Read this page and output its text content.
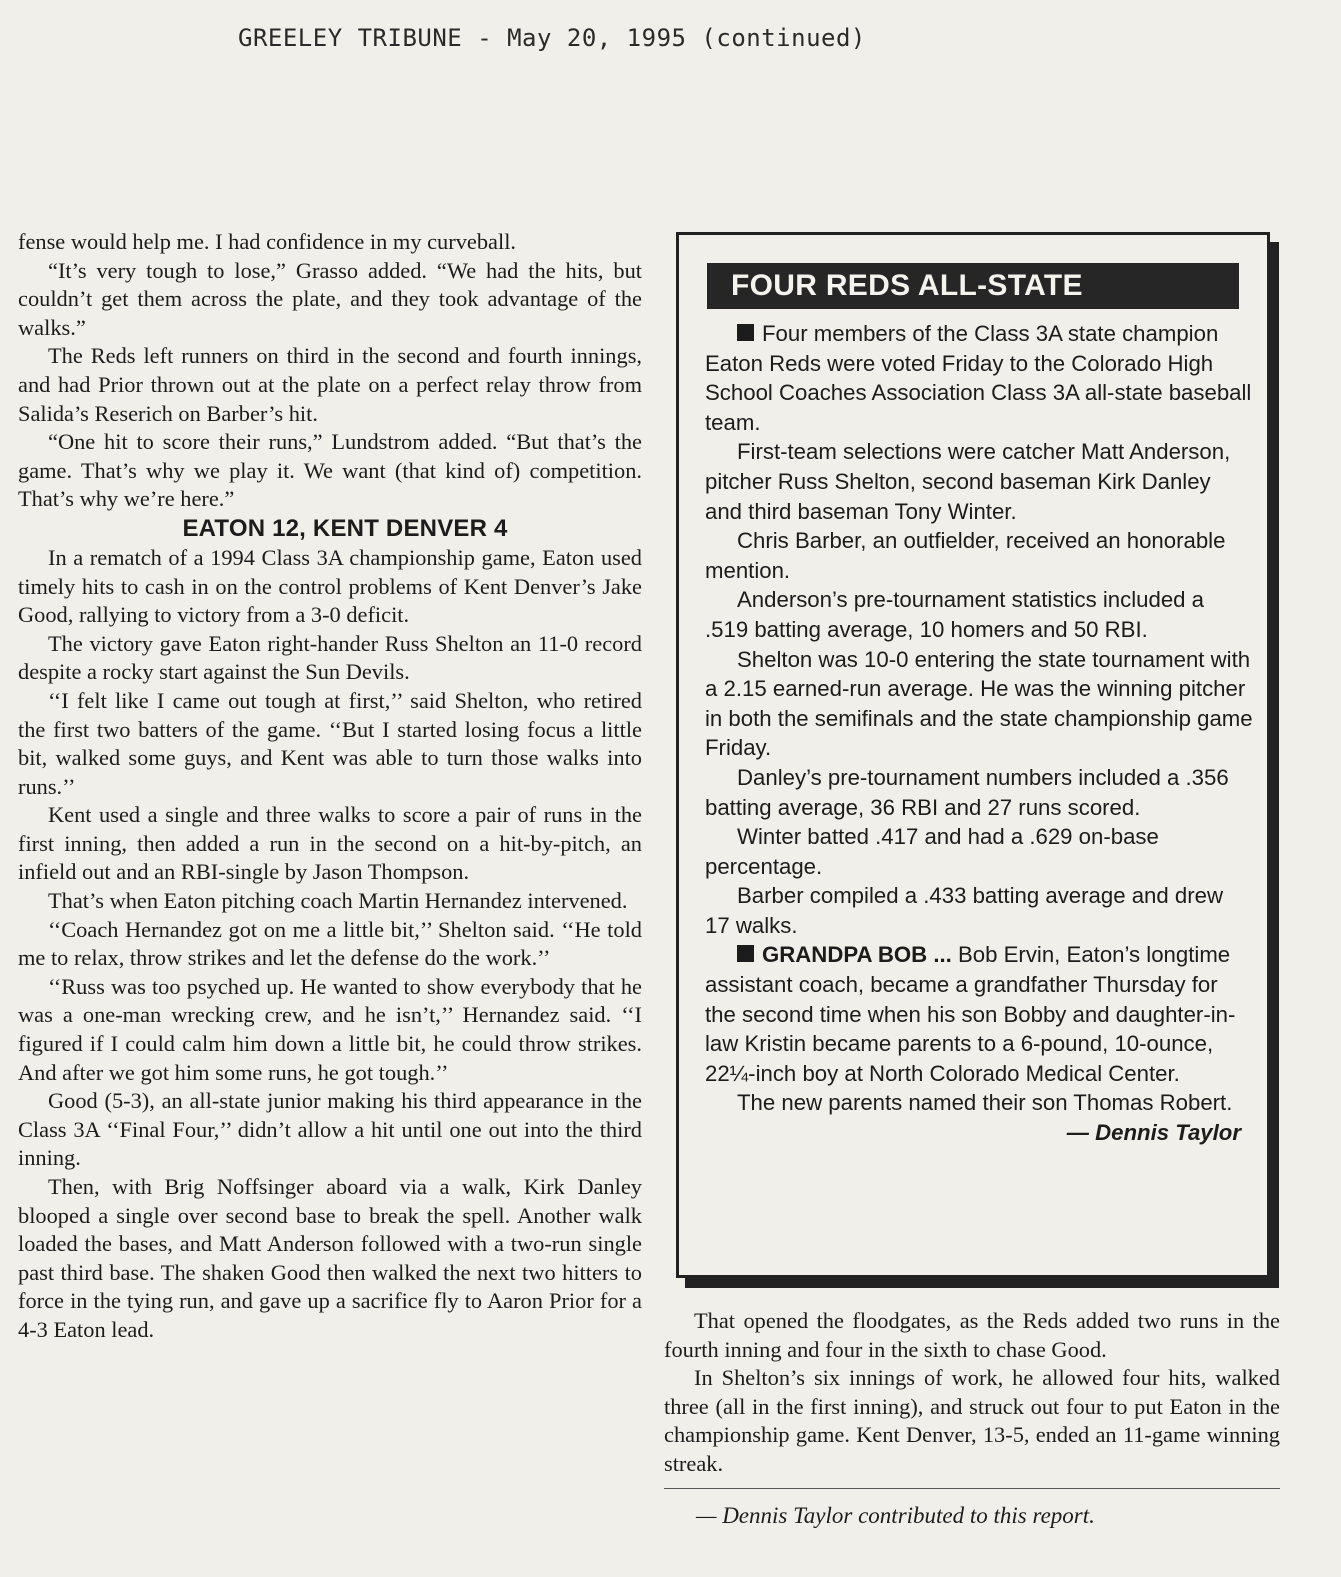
GREELEY TRIBUNE - May 20, 1995 (continued)

fense would help me. I had confidence in my curveball.

“It’s very tough to lose,” Grasso added. “We had the hits, but couldn’t get them across the plate, and they took advantage of the walks.”

The Reds left runners on third in the second and fourth innings, and had Prior thrown out at the plate on a perfect relay throw from Salida’s Reserich on Barber’s hit.

“One hit to score their runs,” Lundstrom added. “But that’s the game. That’s why we play it. We want (that kind of) competition. That’s why we’re here.”

EATON 12, KENT DENVER 4

In a rematch of a 1994 Class 3A championship game, Eaton used timely hits to cash in on the control problems of Kent Denver’s Jake Good, rallying to victory from a 3-0 deficit.

The victory gave Eaton right-hander Russ Shelton an 11-0 record despite a rocky start against the Sun Devils.

‘‘I felt like I came out tough at first,’’ said Shelton, who retired the first two batters of the game. ‘‘But I started losing focus a little bit, walked some guys, and Kent was able to turn those walks into runs.’’

Kent used a single and three walks to score a pair of runs in the first inning, then added a run in the second on a hit-by-pitch, an infield out and an RBI-single by Jason Thompson.

That’s when Eaton pitching coach Martin Hernandez intervened.

‘‘Coach Hernandez got on me a little bit,’’ Shelton said. ‘‘He told me to relax, throw strikes and let the defense do the work.’’

‘‘Russ was too psyched up. He wanted to show everybody that he was a one-man wrecking crew, and he isn’t,’’ Hernandez said. ‘‘I figured if I could calm him down a little bit, he could throw strikes. And after we got him some runs, he got tough.’’

Good (5-3), an all-state junior making his third appearance in the Class 3A ‘‘Final Four,’’ didn’t allow a hit until one out into the third inning.

Then, with Brig Noffsinger aboard via a walk, Kirk Danley blooped a single over second base to break the spell. Another walk loaded the bases, and Matt Anderson followed with a two-run single past third base. The shaken Good then walked the next two hitters to force in the tying run, and gave up a sacrifice fly to Aaron Prior for a 4-3 Eaton lead.

FOUR REDS ALL-STATE

Four members of the Class 3A state champion Eaton Reds were voted Friday to the Colorado High School Coaches Association Class 3A all-state baseball team.

First-team selections were catcher Matt Anderson, pitcher Russ Shelton, second baseman Kirk Danley and third baseman Tony Winter.

Chris Barber, an outfielder, received an honorable mention.

Anderson’s pre-tournament statistics included a .519 batting average, 10 homers and 50 RBI.

Shelton was 10-0 entering the state tournament with a 2.15 earned-run average. He was the winning pitcher in both the semifinals and the state championship game Friday.

Danley’s pre-tournament numbers included a .356 batting average, 36 RBI and 27 runs scored.

Winter batted .417 and had a .629 on-base percentage.

Barber compiled a .433 batting average and drew 17 walks.

GRANDPA BOB ... Bob Ervin, Eaton’s longtime assistant coach, became a grandfather Thursday for the second time when his son Bobby and daughter-in-law Kristin became parents to a 6-pound, 10-ounce, 22¼-inch boy at North Colorado Medical Center.

The new parents named their son Thomas Robert.

— Dennis Taylor

That opened the floodgates, as the Reds added two runs in the fourth inning and four in the sixth to chase Good.

In Shelton’s six innings of work, he allowed four hits, walked three (all in the first inning), and struck out four to put Eaton in the championship game. Kent Denver, 13-5, ended an 11-game winning streak.

— Dennis Taylor contributed to this report.
